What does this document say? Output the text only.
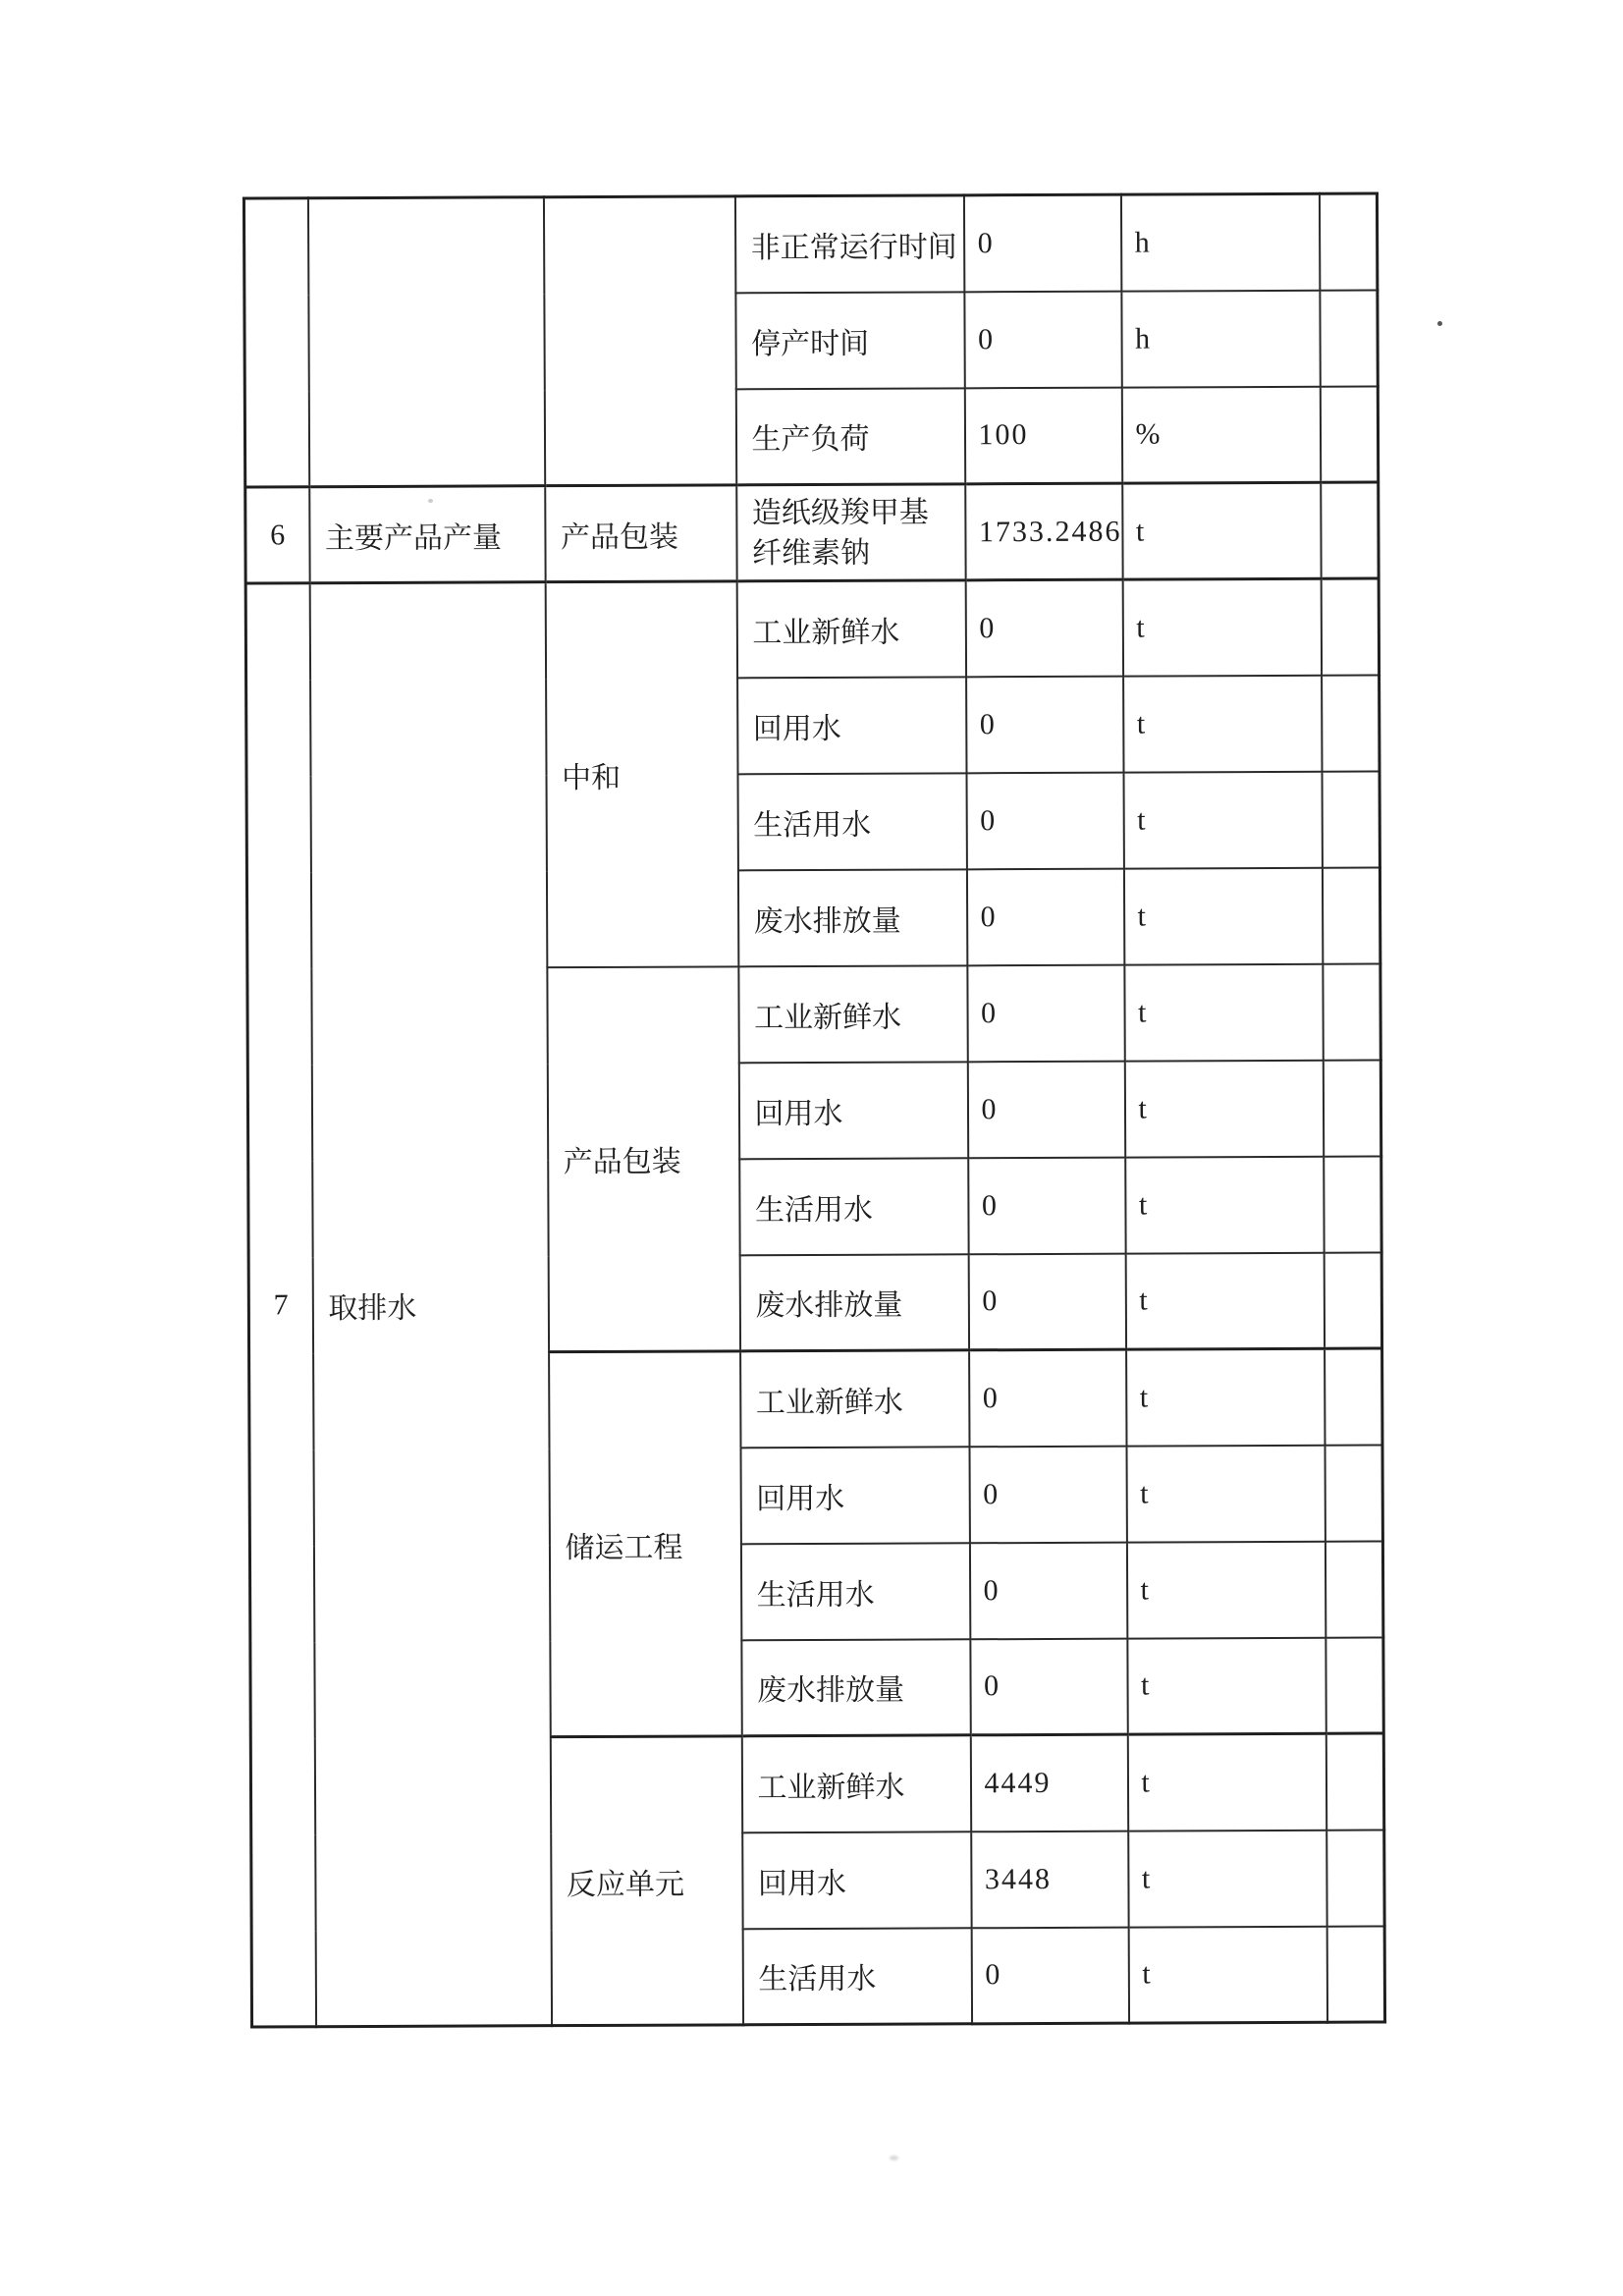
			非正常运行时间	0	h	
			停产时间	0	h	
			生产负荷	100	%	
6	主要产品产量	产品包装	造纸级羧甲基纤维素钠	1733.2486	t	
7	取排水	中和	工业新鲜水	0	t	
			回用水	0	t	
			生活用水	0	t	
			废水排放量	0	t	
		产品包装	工业新鲜水	0	t	
			回用水	0	t	
			生活用水	0	t	
			废水排放量	0	t	
		储运工程	工业新鲜水	0	t	
			回用水	0	t	
			生活用水	0	t	
			废水排放量	0	t	
		反应单元	工业新鲜水	4449	t	
			回用水	3448	t	
			生活用水	0	t	
